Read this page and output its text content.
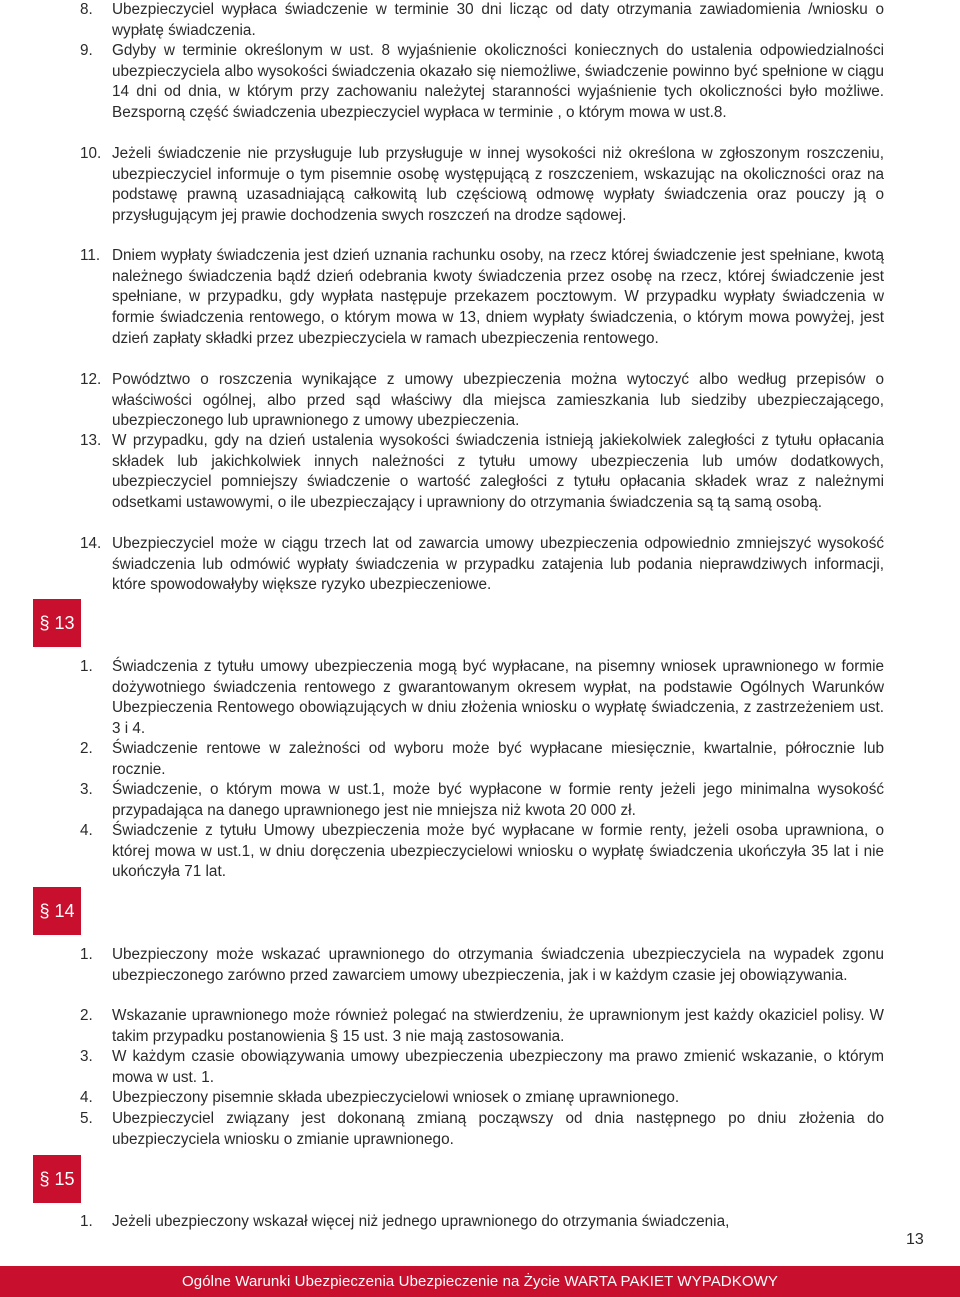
8.	Ubezpieczyciel wypłaca świadczenie w terminie 30 dni licząc od daty otrzymania zawiadomienia /wniosku o wypłatę świadczenia.
9.	Gdyby w terminie określonym w ust. 8 wyjaśnienie okoliczności koniecznych do ustalenia odpowiedzialności ubezpieczyciela albo wysokości świadczenia okazało się niemożliwe, świadczenie powinno być spełnione w ciągu 14 dni od dnia, w którym przy zachowaniu należytej staranności wyjaśnienie tych okoliczności było możliwe. Bezsporną część świadczenia ubezpieczyciel wypłaca w terminie , o którym mowa w ust.8.
10. Jeżeli świadczenie nie przysługuje lub przysługuje w innej wysokości niż określona w zgłoszonym roszczeniu, ubezpieczyciel informuje o tym pisemnie osobę występującą z roszczeniem, wskazując na okoliczności oraz na podstawę prawną uzasadniającą całkowitą lub częściową odmowę wypłaty świadczenia oraz pouczy ją o przysługującym jej prawie dochodzenia swych roszczeń na drodze sądowej.
11. Dniem wypłaty świadczenia jest dzień uznania rachunku osoby, na rzecz której świadczenie jest spełniane, kwotą należnego świadczenia bądź dzień odebrania kwoty świadczenia przez osobę na rzecz, której świadczenie jest spełniane, w przypadku, gdy wypłata następuje przekazem pocztowym. W przypadku wypłaty świadczenia w formie świadczenia rentowego, o którym mowa w 13, dniem wypłaty świadczenia, o którym mowa powyżej, jest dzień zapłaty składki przez ubezpieczyciela w ramach ubezpieczenia rentowego.
12. Powództwo o roszczenia wynikające z umowy ubezpieczenia można wytoczyć albo według przepisów o właściwości ogólnej, albo przed sąd właściwy dla miejsca zamieszkania lub siedziby ubezpieczającego, ubezpieczonego lub uprawnionego z umowy ubezpieczenia.
13. W przypadku, gdy na dzień ustalenia wysokości świadczenia istnieją jakiekolwiek zaległości z tytułu opłacania składek lub jakichkolwiek innych należności z tytułu umowy ubezpieczenia lub umów dodatkowych, ubezpieczyciel pomniejszy świadczenie o wartość zaległości z tytułu opłacania składek wraz z należnymi odsetkami ustawowymi, o ile ubezpieczający i uprawniony do otrzymania świadczenia są tą samą osobą.
14. Ubezpieczyciel może w ciągu trzech lat od zawarcia umowy ubezpieczenia odpowiednio zmniejszyć wysokość świadczenia lub odmówić wypłaty świadczenia w przypadku zatajenia lub podania nieprawdziwych informacji, które spowodowałyby większe ryzyko ubezpieczeniowe.
§ 13
1.	Świadczenia z tytułu umowy ubezpieczenia mogą być wypłacane, na pisemny wniosek uprawnionego w formie dożywotniego świadczenia rentowego z gwarantowanym okresem wypłat, na podstawie Ogólnych Warunków Ubezpieczenia Rentowego obowiązujących w dniu złożenia wniosku o wypłatę świadczenia, z zastrzeżeniem ust. 3 i 4.
2.	Świadczenie rentowe w zależności od wyboru może być wypłacane miesięcznie, kwartalnie, półrocznie lub rocznie.
3.	Świadczenie, o którym mowa w ust.1, może być wypłacone w formie renty jeżeli jego minimalna wysokość przypadająca na danego uprawnionego jest nie mniejsza niż kwota 20 000 zł.
4.	Świadczenie z tytułu Umowy ubezpieczenia może być wypłacane w formie renty, jeżeli osoba uprawniona, o której mowa w ust.1, w dniu doręczenia ubezpieczycielowi wniosku o wypłatę świadczenia ukończyła 35 lat i nie ukończyła 71 lat.
§ 14
1.	Ubezpieczony może wskazać uprawnionego do otrzymania świadczenia ubezpieczyciela na wypadek zgonu ubezpieczonego zarówno przed zawarciem umowy ubezpieczenia, jak i w każdym czasie jej obowiązywania.
2.	Wskazanie uprawnionego może również polegać na stwierdzeniu, że uprawnionym jest każdy okaziciel polisy. W takim przypadku postanowienia § 15 ust. 3 nie mają zastosowania.
3.	W każdym czasie obowiązywania umowy ubezpieczenia ubezpieczony ma prawo zmienić wskazanie, o którym mowa w ust. 1.
4.	Ubezpieczony pisemnie składa ubezpieczycielowi wniosek o zmianę uprawnionego.
5.	Ubezpieczyciel związany jest dokonaną zmianą począwszy od dnia następnego po dniu złożenia do ubezpieczyciela wniosku o zmianie uprawnionego.
§ 15
1.	Jeżeli ubezpieczony wskazał więcej niż jednego uprawnionego do otrzymania świadczenia,
13
Ogólne Warunki Ubezpieczenia Ubezpieczenie na Życie WARTA PAKIET WYPADKOWY
